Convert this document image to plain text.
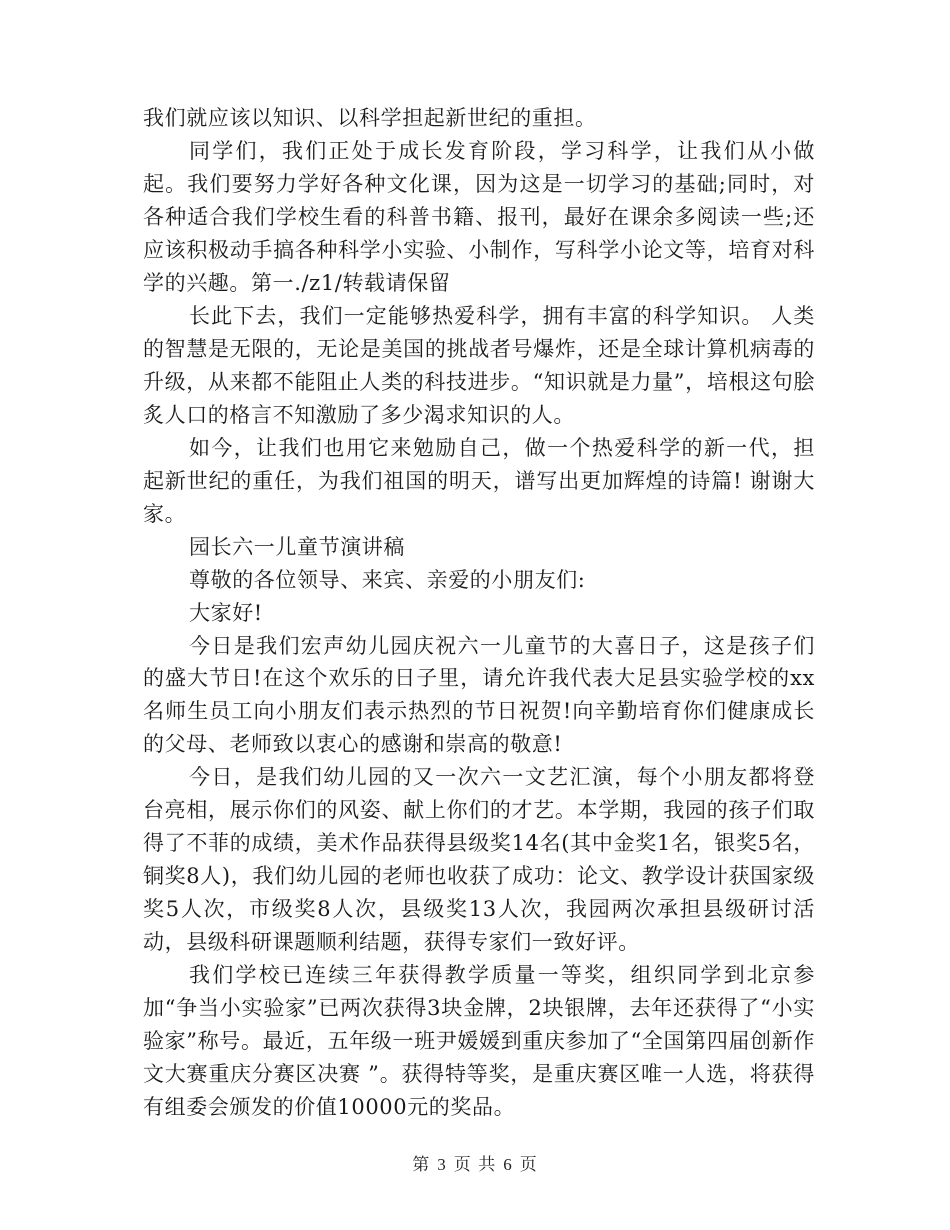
我们就应该以知识、以科学担起新世纪的重担。

同学们，我们正处于成长发育阶段，学习科学，让我们从小做起。我们要努力学好各种文化课，因为这是一切学习的基础;同时，对各种适合我们学校生看的科普书籍、报刊，最好在课余多阅读一些;还应该积极动手搞各种科学小实验、小制作，写科学小论文等，培育对科学的兴趣。第一./z1/转载请保留

长此下去，我们一定能够热爱科学，拥有丰富的科学知识。 人类的智慧是无限的，无论是美国的挑战者号爆炸，还是全球计算机病毒的升级，从来都不能阻止人类的科技进步。“知识就是力量”，培根这句脍炙人口的格言不知激励了多少渴求知识的人。

如今，让我们也用它来勉励自己，做一个热爱科学的新一代，担起新世纪的重任，为我们祖国的明天，谱写出更加辉煌的诗篇! 谢谢大家。

园长六一儿童节演讲稿

尊敬的各位领导、来宾、亲爱的小朋友们:

大家好!

今日是我们宏声幼儿园庆祝六一儿童节的大喜日子，这是孩子们的盛大节日!在这个欢乐的日子里，请允许我代表大足县实验学校的xx名师生员工向小朋友们表示热烈的节日祝贺!向辛勤培育你们健康成长的父母、老师致以衷心的感谢和崇高的敬意!

今日，是我们幼儿园的又一次六一文艺汇演，每个小朋友都将登台亮相，展示你们的风姿、献上你们的才艺。本学期，我园的孩子们取得了不菲的成绩，美术作品获得县级奖14名(其中金奖1名，银奖5名，铜奖8人)，我们幼儿园的老师也收获了成功：论文、教学设计获国家级奖5人次，市级奖8人次，县级奖13人次，我园两次承担县级研讨活动，县级科研课题顺利结题，获得专家们一致好评。

我们学校已连续三年获得教学质量一等奖，组织同学到北京参加“争当小实验家”已两次获得3块金牌，2块银牌，去年还获得了“小实验家”称号。最近，五年级一班尹媛媛到重庆参加了“全国第四届创新作文大赛重庆分赛区决赛 ”。获得特等奖，是重庆赛区唯一人选，将获得有组委会颁发的价值10000元的奖品。

第 3 页 共 6 页
